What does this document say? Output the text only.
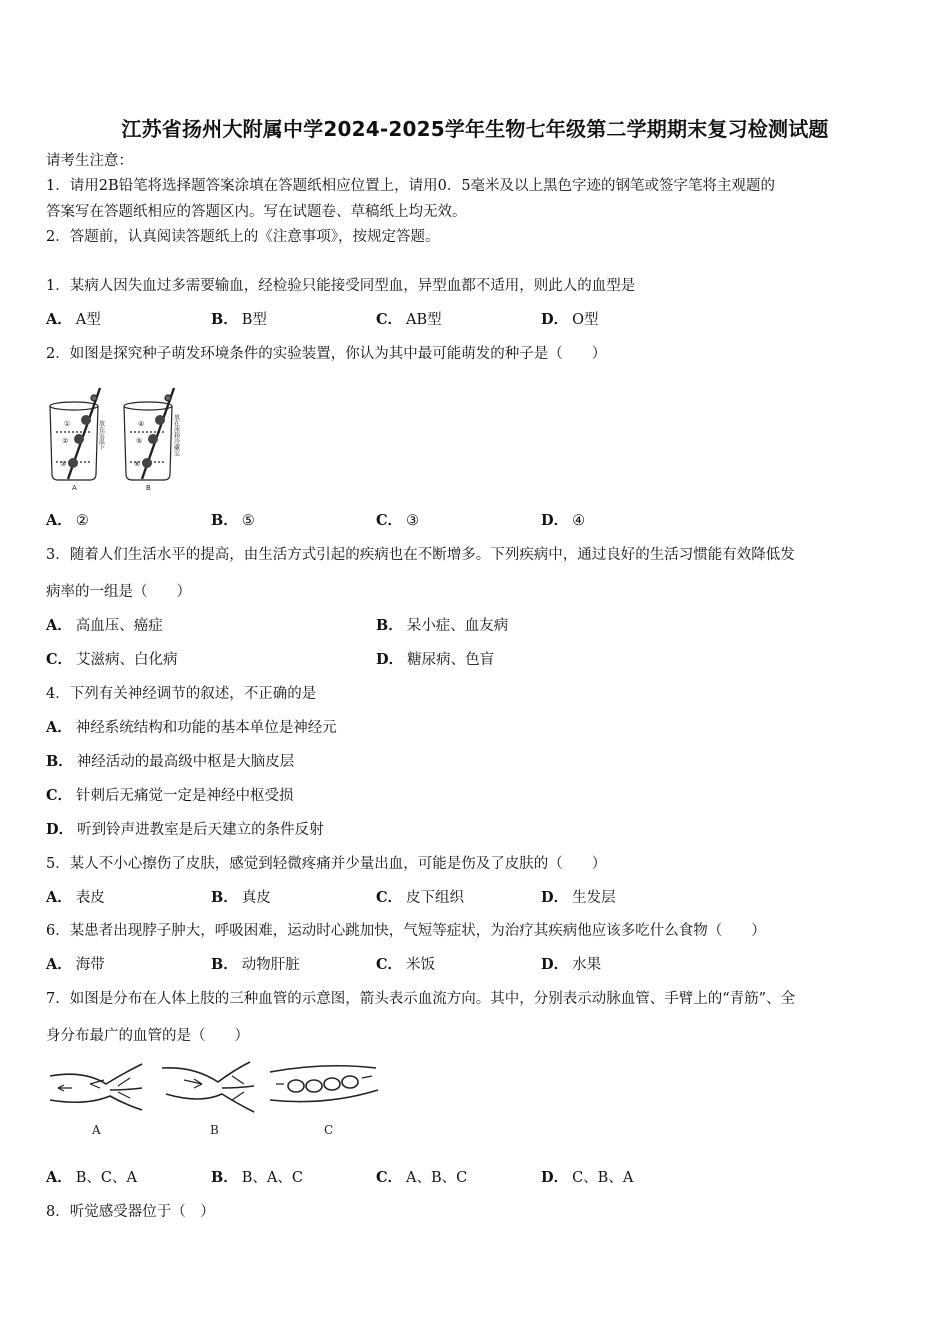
江苏省扬州大附属中学2024-2025学年生物七年级第二学期期末复习检测试题
请考生注意：
1．请用2B铅笔将选择题答案涂填在答题纸相应位置上，请用0．5毫米及以上黑色字迹的钢笔或签字笔将主观题的
答案写在答题纸相应的答题区内。写在试题卷、草稿纸上均无效。
2．答题前，认真阅读答题纸上的《注意事项》，按规定答题。
1．某病人因失血过多需要输血，经检验只能接受同型血，异型血都不适用，则此人的血型是
A． A型	B． B型	C． AB型	D． O型
2．如图是探究种子萌发环境条件的实验装置，你认为其中最可能萌发的种子是（　　）
①
②
③
放在室温下
A
④
⑤
⑥
放在冰箱冷藏室
B
A． ②	B． ⑤	C． ③	D． ④
3．随着人们生活水平的提高，由生活方式引起的疾病也在不断增多。下列疾病中，通过良好的生活习惯能有效降低发
病率的一组是（　　）
A． 高血压、癌症	B． 呆小症、血友病
C． 艾滋病、白化病	D． 糖尿病、色盲
4．下列有关神经调节的叙述，不正确的是
A． 神经系统结构和功能的基本单位是神经元
B． 神经活动的最高级中枢是大脑皮层
C． 针刺后无痛觉一定是神经中枢受损
D． 听到铃声进教室是后天建立的条件反射
5．某人不小心擦伤了皮肤，感觉到轻微疼痛并少量出血，可能是伤及了皮肤的（　　）
A． 表皮	B． 真皮	C． 皮下组织	D． 生发层
6．某患者出现脖子肿大，呼吸困难，运动时心跳加快，气短等症状，为治疗其疾病他应该多吃什么食物（　　）
A． 海带	B． 动物肝脏	C． 米饭	D． 水果
7．如图是分布在人体上肢的三种血管的示意图，箭头表示血流方向。其中，分别表示动脉血管、手臂上的“青筋”、全
身分布最广的血管的是（　　）
A	B	C
A． B、C、A	B． B、A、C	C． A、B、C	D． C、B、A
8．听觉感受器位于（　）
